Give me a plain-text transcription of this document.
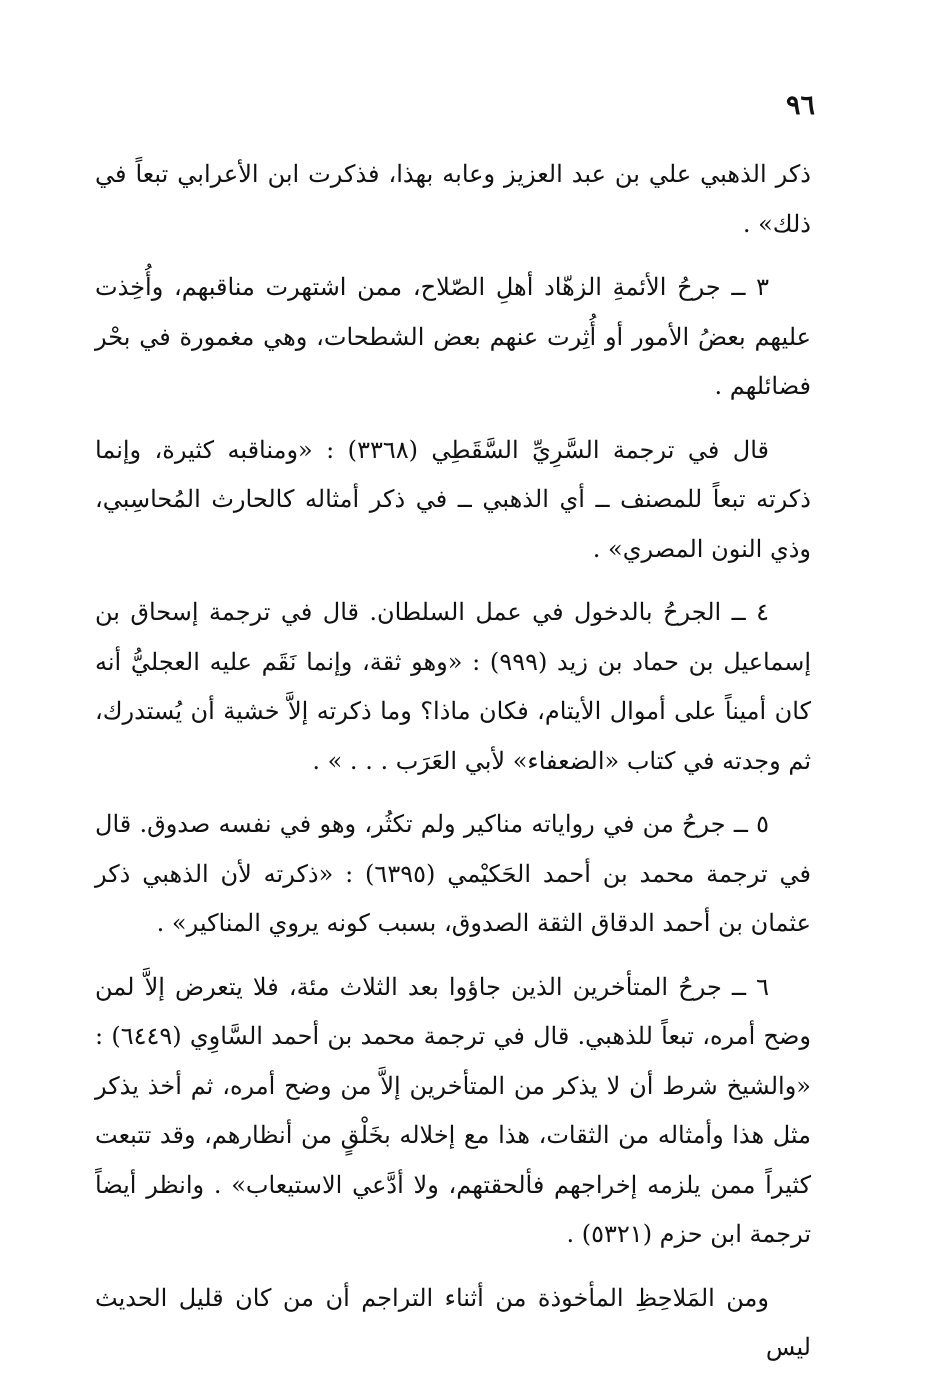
٩٦

ذكر الذهبي علي بن عبد العزيز وعابه بهذا، فذكرت ابن الأعرابي تبعاً في ذلك» .

٣ ــ جرحُ الأئمةِ الزهّاد أهلِ الصّلاح، ممن اشتهرت مناقبهم، وأُخِذت عليهم بعضُ الأمور أو أُثِرت عنهم بعض الشطحات، وهي مغمورة في بحْر فضائلهم .

قال في ترجمة السَّرِيِّ السَّقَطِي (٣٣٦٨) : «ومناقبه كثيرة، وإنما ذكرته تبعاً للمصنف ــ أي الذهبي ــ في ذكر أمثاله كالحارث المُحاسِبي، وذي النون المصري» .

٤ ــ الجرحُ بالدخول في عمل السلطان. قال في ترجمة إسحاق بن إسماعيل بن حماد بن زيد (٩٩٩) : «وهو ثقة، وإنما نَقَم عليه العجليُّ أنه كان أميناً على أموال الأيتام، فكان ماذا؟ وما ذكرته إلاَّ خشية أن يُستدرك، ثم وجدته في كتاب «الضعفاء» لأبي العَرَب . . . » .

٥ ــ جرحُ من في رواياته مناكير ولم تكثُر، وهو في نفسه صدوق. قال في ترجمة محمد بن أحمد الحَكيْمي (٦٣٩٥) : «ذكرته لأن الذهبي ذكر عثمان بن أحمد الدقاق الثقة الصدوق، بسبب كونه يروي المناكير» .

٦ ــ جرحُ المتأخرين الذين جاؤوا بعد الثلاث مئة، فلا يتعرض إلاَّ لمن وضح أمره، تبعاً للذهبي. قال في ترجمة محمد بن أحمد السَّاوِي (٦٤٤٩) : «والشيخ شرط أن لا يذكر من المتأخرين إلاَّ من وضح أمره، ثم أخذ يذكر مثل هذا وأمثاله من الثقات، هذا مع إخلاله بخَلْقٍ من أنظارهم، وقد تتبعت كثيراً ممن يلزمه إخراجهم فألحقتهم، ولا أدَّعي الاستيعاب» . وانظر أيضاً ترجمة ابن حزم (٥٣٢١) .

ومن المَلاحِظِ المأخوذة من أثناء التراجم أن من كان قليل الحديث ليس
